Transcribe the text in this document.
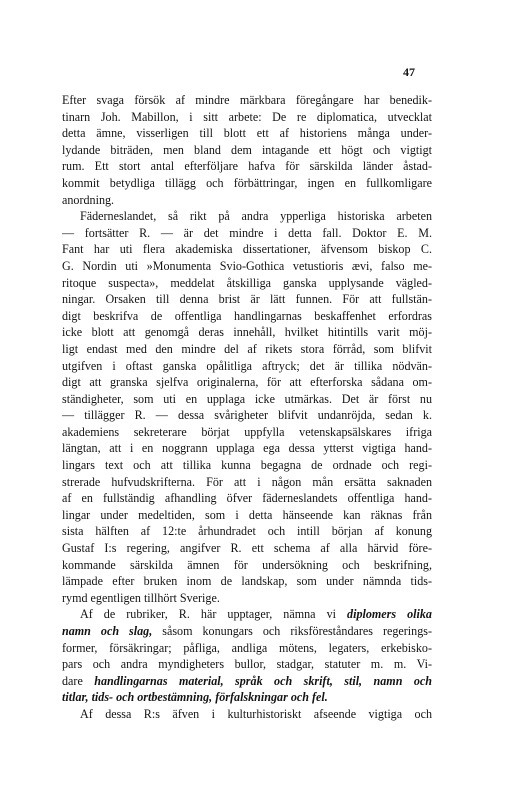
47
Efter svaga försök af mindre märkbara föregångare har benedik-
tinarn Joh. Mabillon, i sitt arbete: De re diplomatica, utvecklat
detta ämne, visserligen till blott ett af historiens många under-
lydande biträden, men bland dem intagande ett högt och vigtigt
rum. Ett stort antal efterföljare hafva för särskilda länder åstad-
kommit betydliga tillägg och förbättringar, ingen en fullkomligare
anordning.
Fäderneslandet, så rikt på andra ypperliga historiska arbeten
— fortsätter R. — är det mindre i detta fall. Doktor E. M.
Fant har uti flera akademiska dissertationer, äfvensom biskop C.
G. Nordin uti »Monumenta Svio-Gothica vetustioris ævi, falso me-
ritoque suspecta», meddelat åtskilliga ganska upplysande vägled-
ningar. Orsaken till denna brist är lätt funnen. För att fullstän-
digt beskrifva de offentliga handlingarnas beskaffenhet erfordras
icke blott att genomgå deras innehåll, hvilket hitintills varit möj-
ligt endast med den mindre del af rikets stora förråd, som blifvit
utgifven i oftast ganska opålitliga aftryck; det är tillika nödvän-
digt att granska sjelfva originalerna, för att efterforska sådana om-
ständigheter, som uti en upplaga icke utmärkas. Det är först nu
— tillägger R. — dessa svårigheter blifvit undanröjda, sedan k.
akademiens sekreterare börjat uppfylla vetenskapsälskares ifriga
längtan, att i en noggrann upplaga ega dessa ytterst vigtiga hand-
lingars text och att tillika kunna begagna de ordnade och regi-
strerade hufvudskrifterna. För att i någon mån ersätta saknaden
af en fullständig afhandling öfver fäderneslandets offentliga hand-
lingar under medeltiden, som i detta hänseende kan räknas från
sista hälften af 12:te århundradet och intill början af konung
Gustaf I:s regering, angifver R. ett schema af alla härvid före-
kommande särskilda ämnen för undersökning och beskrifning,
lämpade efter bruken inom de landskap, som under nämnda tids-
rymd egentligen tillhört Sverige.
Af de rubriker, R. här upptager, nämna vi diplomers olika
namn och slag, såsom konungars och riksföreståndares regerings-
former, försäkringar; påfliga, andliga mötens, legaters, erkebisko-
pars och andra myndigheters bullor, stadgar, statuter m. m. Vi-
dare handlingarnas material, språk och skrift, stil, namn och
titlar, tids- och ortbestämning, förfalskningar och fel.
Af dessa R:s äfven i kulturhistoriskt afseende vigtiga och
